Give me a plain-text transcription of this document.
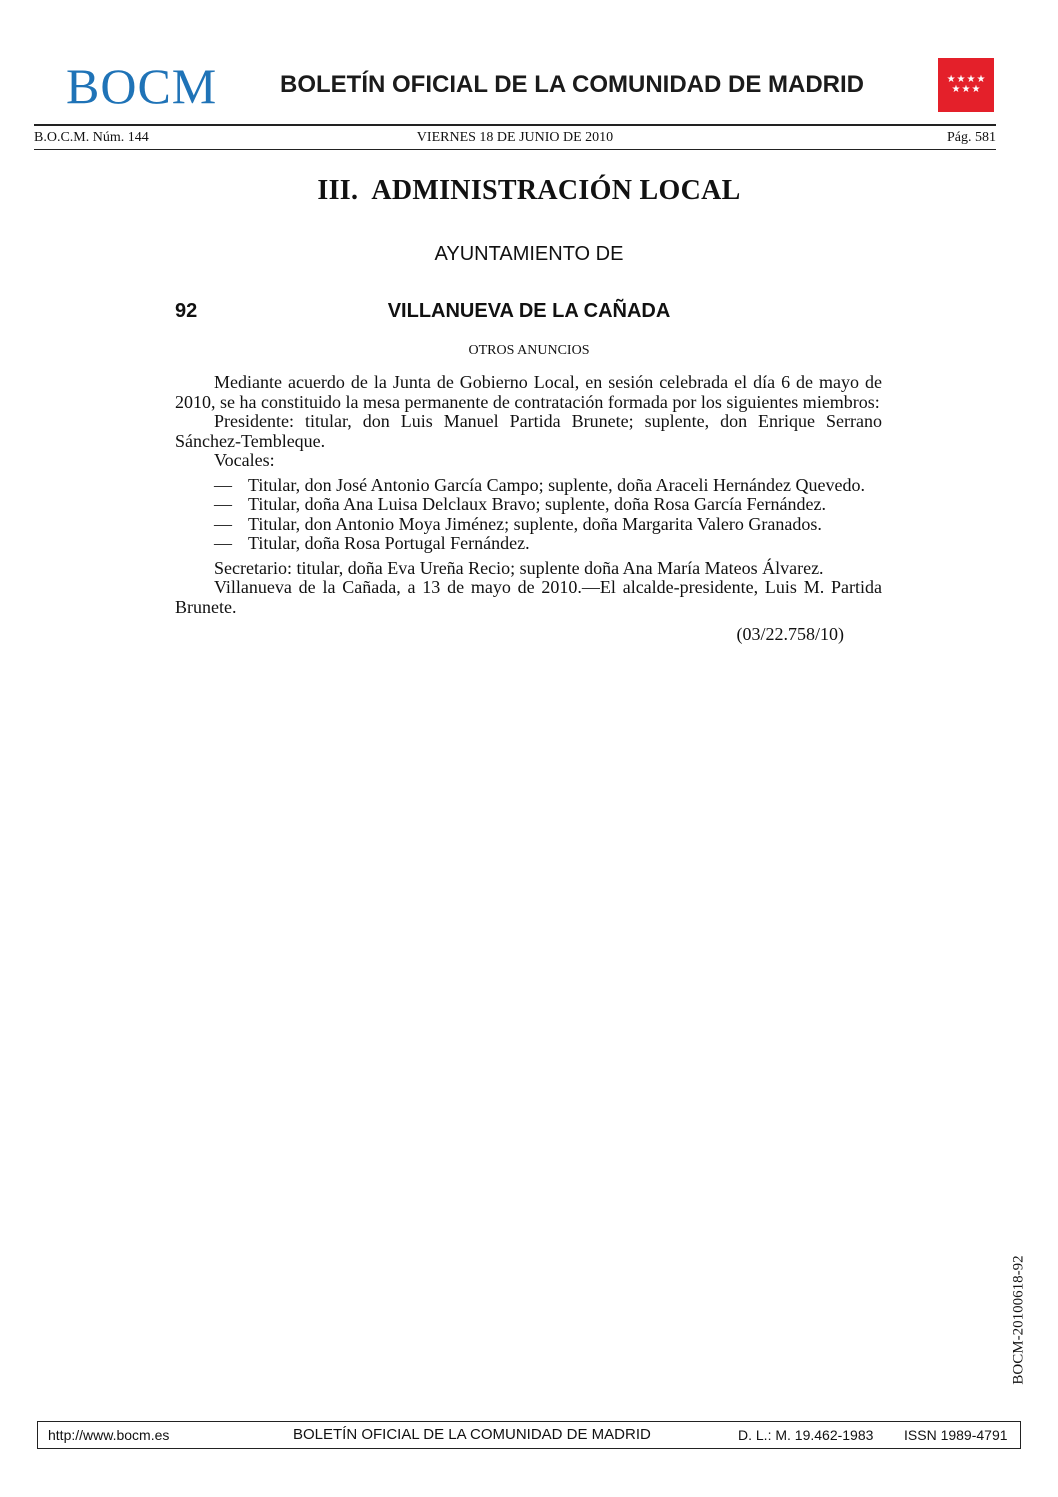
BOCM	BOLETÍN OFICIAL DE LA COMUNIDAD DE MADRID	★ ★ ★ ★
★ ★ ★
VIERNES 18 DE JUNIO DE 2010
B.O.C.M. Núm. 144	Pág. 581
III.  ADMINISTRACIÓN LOCAL
AYUNTAMIENTO DE
VILLANUEVA DE LA CAÑADA
92
OTROS ANUNCIOS

Mediante acuerdo de la Junta de Gobierno Local, en sesión celebrada el día 6 de mayo de 2010, se ha constituido la mesa permanente de contratación formada por los siguientes miembros:

Presidente: titular, don Luis Manuel Partida Brunete; suplente, don Enrique Serrano Sánchez-Tembleque.

Vocales:

— Titular, don José Antonio García Campo; suplente, doña Araceli Hernández Quevedo.
— Titular, doña Ana Luisa Delclaux Bravo; suplente, doña Rosa García Fernández.
— Titular, don Antonio Moya Jiménez; suplente, doña Margarita Valero Granados.
— Titular, doña Rosa Portugal Fernández.

Secretario: titular, doña Eva Ureña Recio; suplente doña Ana María Mateos Álvarez.

Villanueva de la Cañada, a 13 de mayo de 2010.—El alcalde-presidente, Luis M. Partida Brunete.

(03/22.758/10)

BOCM-20100618-92
http://www.bocm.es	BOLETÍN OFICIAL DE LA COMUNIDAD DE MADRID	D. L.: M. 19.462-1983 ISSN 1989-4791
